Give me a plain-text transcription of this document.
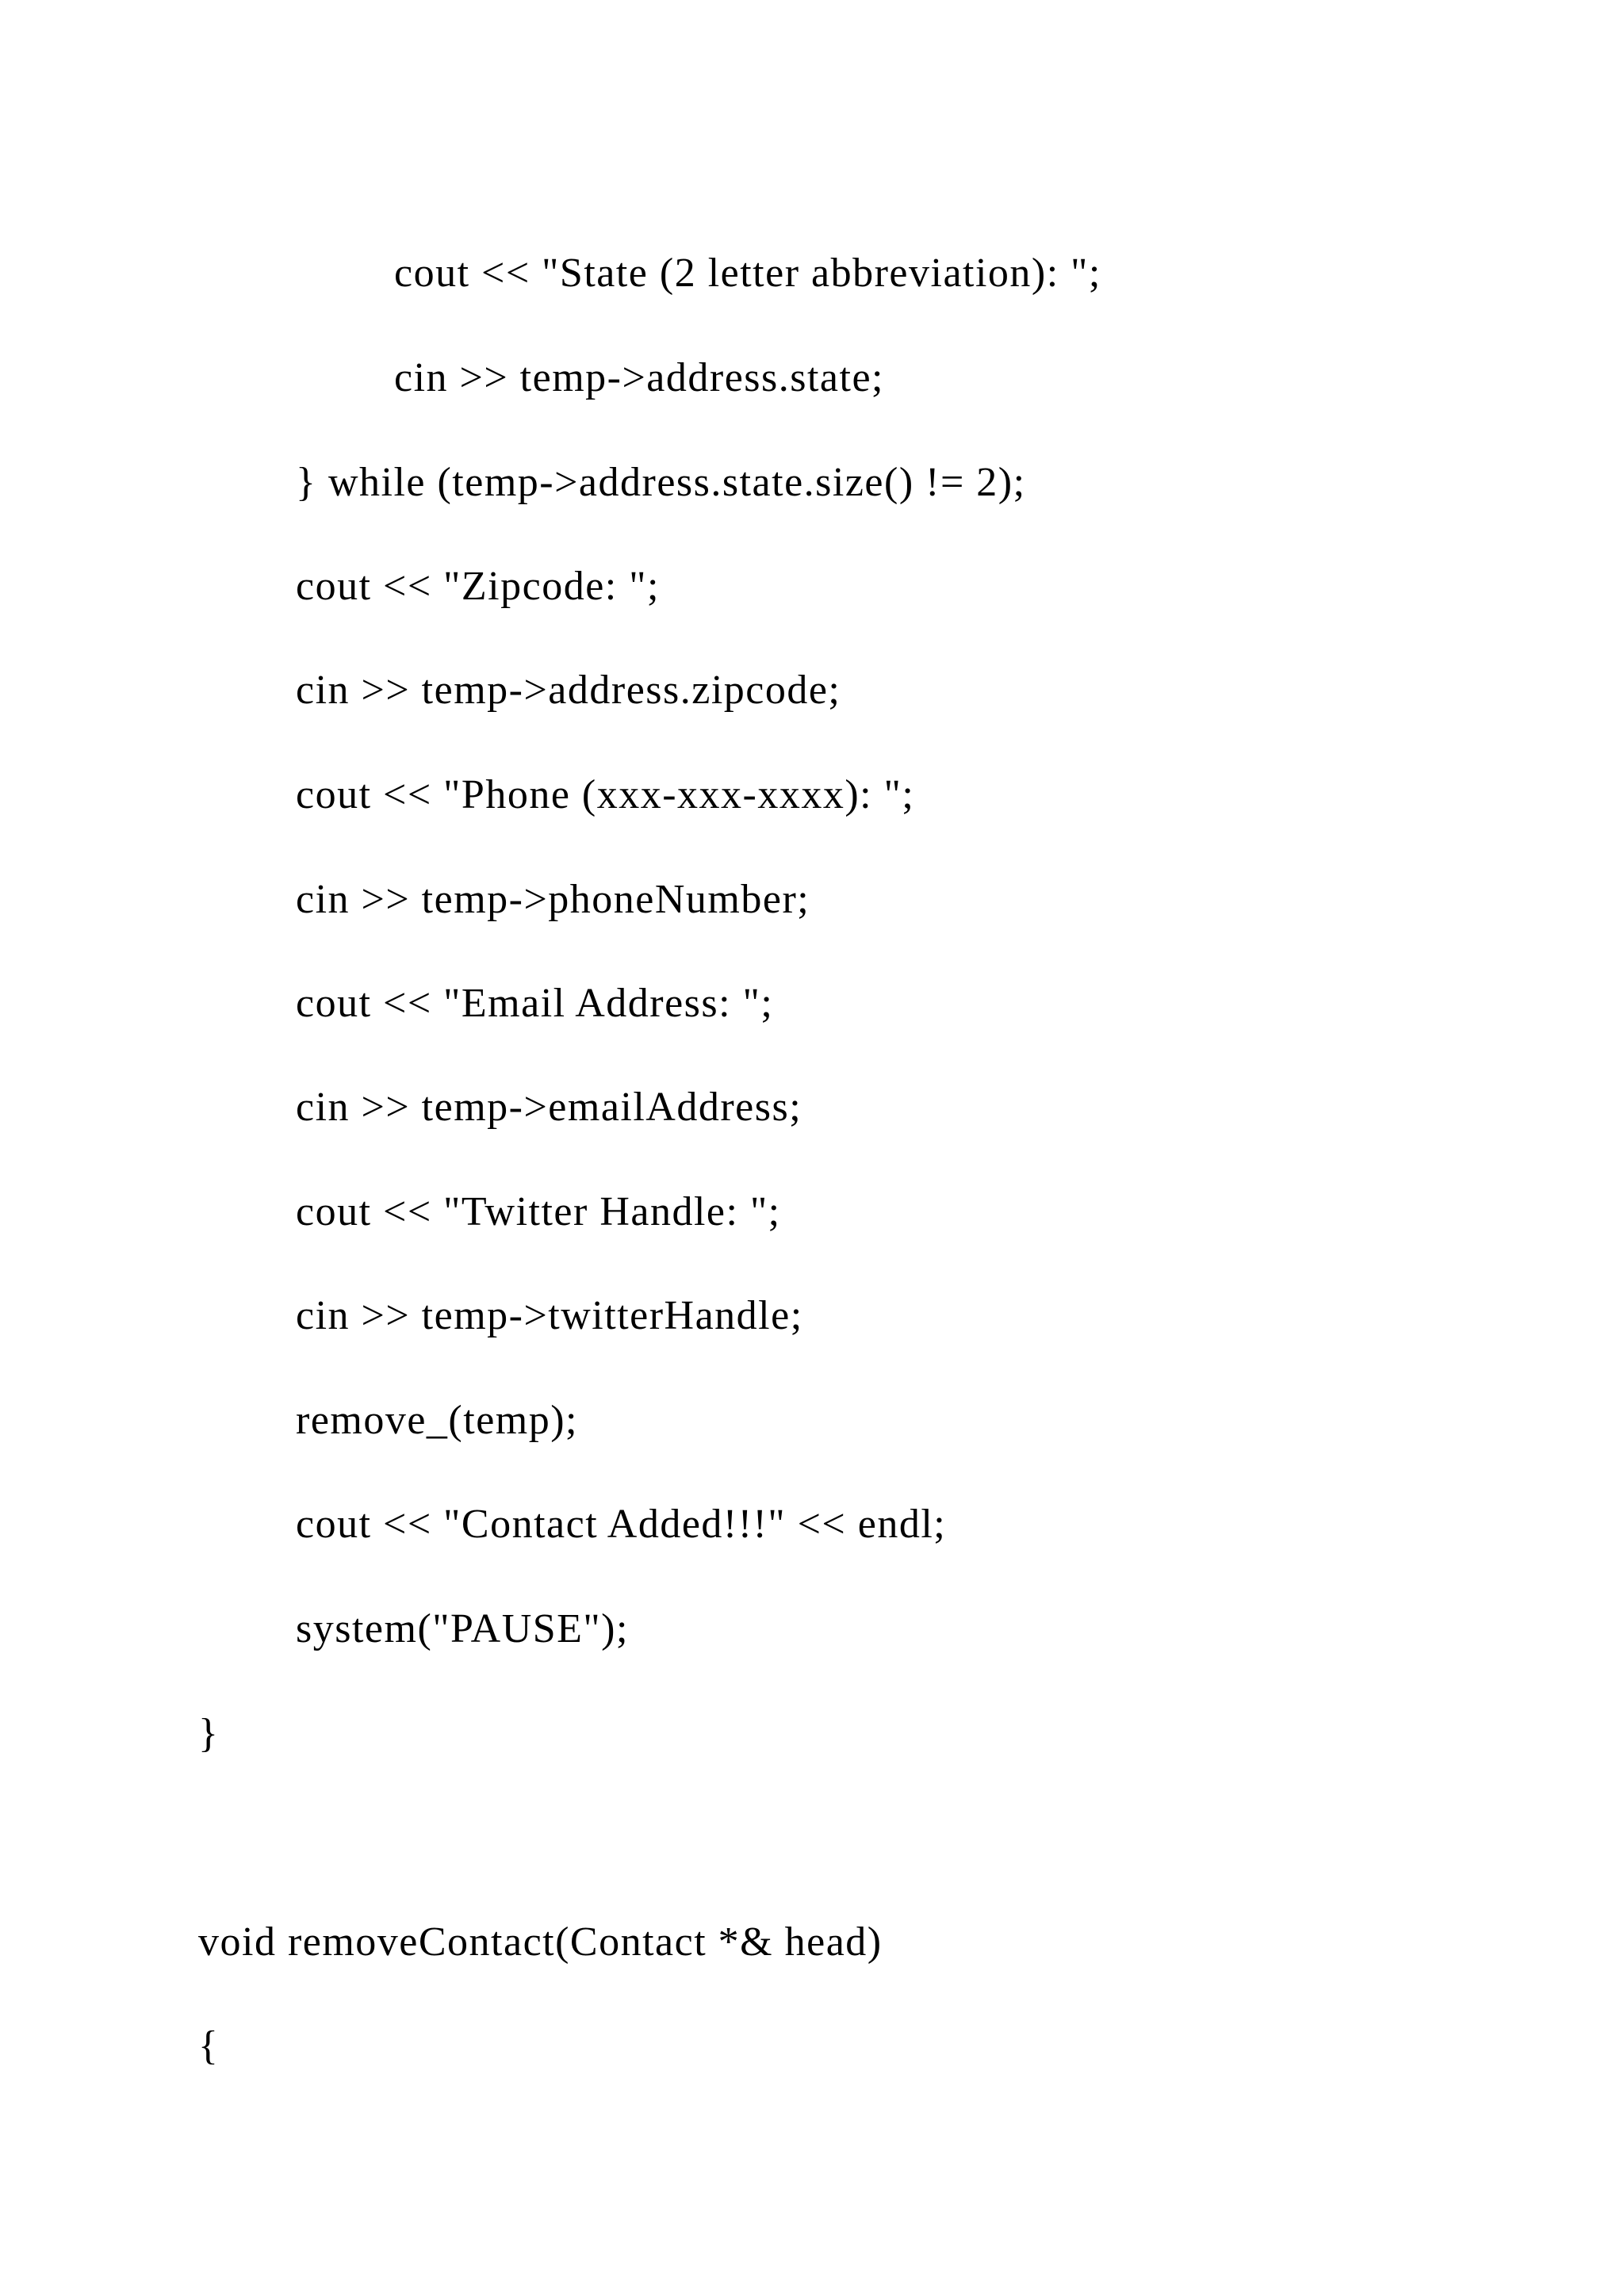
cout << "State (2 letter abbreviation): ";
cin >> temp->address.state;
} while (temp->address.state.size() != 2);
cout << "Zipcode: ";
cin >> temp->address.zipcode;
cout << "Phone (xxx-xxx-xxxx): ";
cin >> temp->phoneNumber;
cout << "Email Address: ";
cin >> temp->emailAddress;
cout << "Twitter Handle: ";
cin >> temp->twitterHandle;
remove_(temp);
cout << "Contact Added!!!" << endl;
system("PAUSE");
}
void removeContact(Contact *& head)
{
